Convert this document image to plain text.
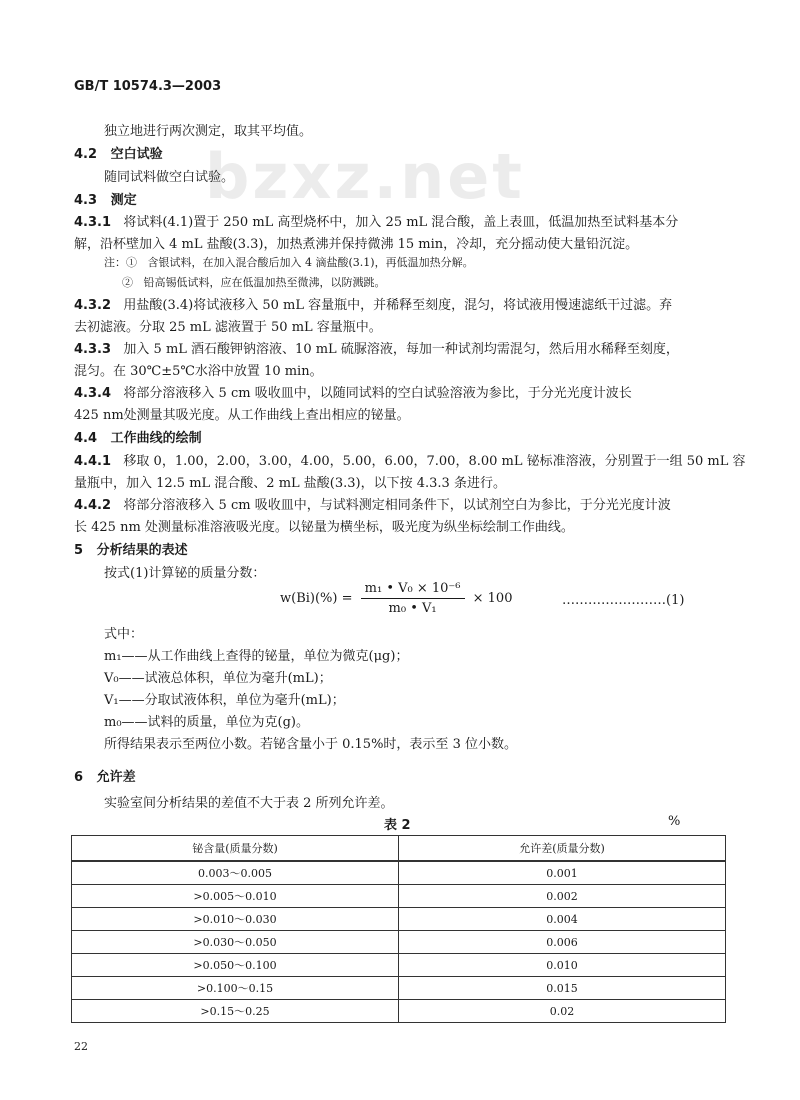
GB/T 10574.3—2003
bzxz.net
独立地进行两次测定，取其平均值。
4.2 空白试验
随同试料做空白试验。
4.3 测定
4.3.1 将试料(4.1)置于 250 mL 高型烧杯中，加入 25 mL 混合酸，盖上表皿，低温加热至试料基本分
解，沿杯壁加入 4 mL 盐酸(3.3)，加热煮沸并保持微沸 15 min，冷却，充分摇动使大量铅沉淀。
注：① 含银试料，在加入混合酸后加入 4 滴盐酸(3.1)，再低温加热分解。
② 铅高锡低试料，应在低温加热至微沸，以防溅跳。
4.3.2 用盐酸(3.4)将试液移入 50 mL 容量瓶中，并稀释至刻度，混匀，将试液用慢速滤纸干过滤。弃
去初滤液。分取 25 mL 滤液置于 50 mL 容量瓶中。
4.3.3 加入 5 mL 酒石酸钾钠溶液、10 mL 硫脲溶液，每加一种试剂均需混匀，然后用水稀释至刻度，
混匀。在 30℃±5℃水浴中放置 10 min。
4.3.4 将部分溶液移入 5 cm 吸收皿中，以随同试料的空白试验溶液为参比，于分光光度计波长
425 nm处测量其吸光度。从工作曲线上查出相应的铋量。
4.4 工作曲线的绘制
4.4.1 移取 0，1.00，2.00，3.00，4.00，5.00，6.00，7.00，8.00 mL 铋标准溶液，分别置于一组 50 mL 容
量瓶中，加入 12.5 mL 混合酸、2 mL 盐酸(3.3)，以下按 4.3.3 条进行。
4.4.2 将部分溶液移入 5 cm 吸收皿中，与试料测定相同条件下，以试剂空白为参比，于分光光度计波
长 425 nm 处测量标准溶液吸光度。以铋量为横坐标，吸光度为纵坐标绘制工作曲线。
5 分析结果的表述
按式(1)计算铋的质量分数：
$w(Bi)(\%) = \frac{\text{m₁ • V₀ × 10⁻⁶}}{\text{m₀ • V₁}} \times 100$	……………………(1)
式中：
m₁——从工作曲线上查得的铋量，单位为微克(μg)；
V₀——试液总体积，单位为毫升(mL)；
V₁——分取试液体积，单位为毫升(mL)；
m₀——试料的质量，单位为克(g)。
所得结果表示至两位小数。若铋含量小于 0.15%时，表示至 3 位小数。
6 允许差
实验室间分析结果的差值不大于表 2 所列允许差。
表 2	%
铋含量(质量分数)	允许差(质量分数)
0.003～0.005	0.001
>0.005～0.010	0.002
>0.010～0.030	0.004
>0.030～0.050	0.006
>0.050～0.100	0.010
>0.100～0.15	0.015
>0.15～0.25	0.02
22
